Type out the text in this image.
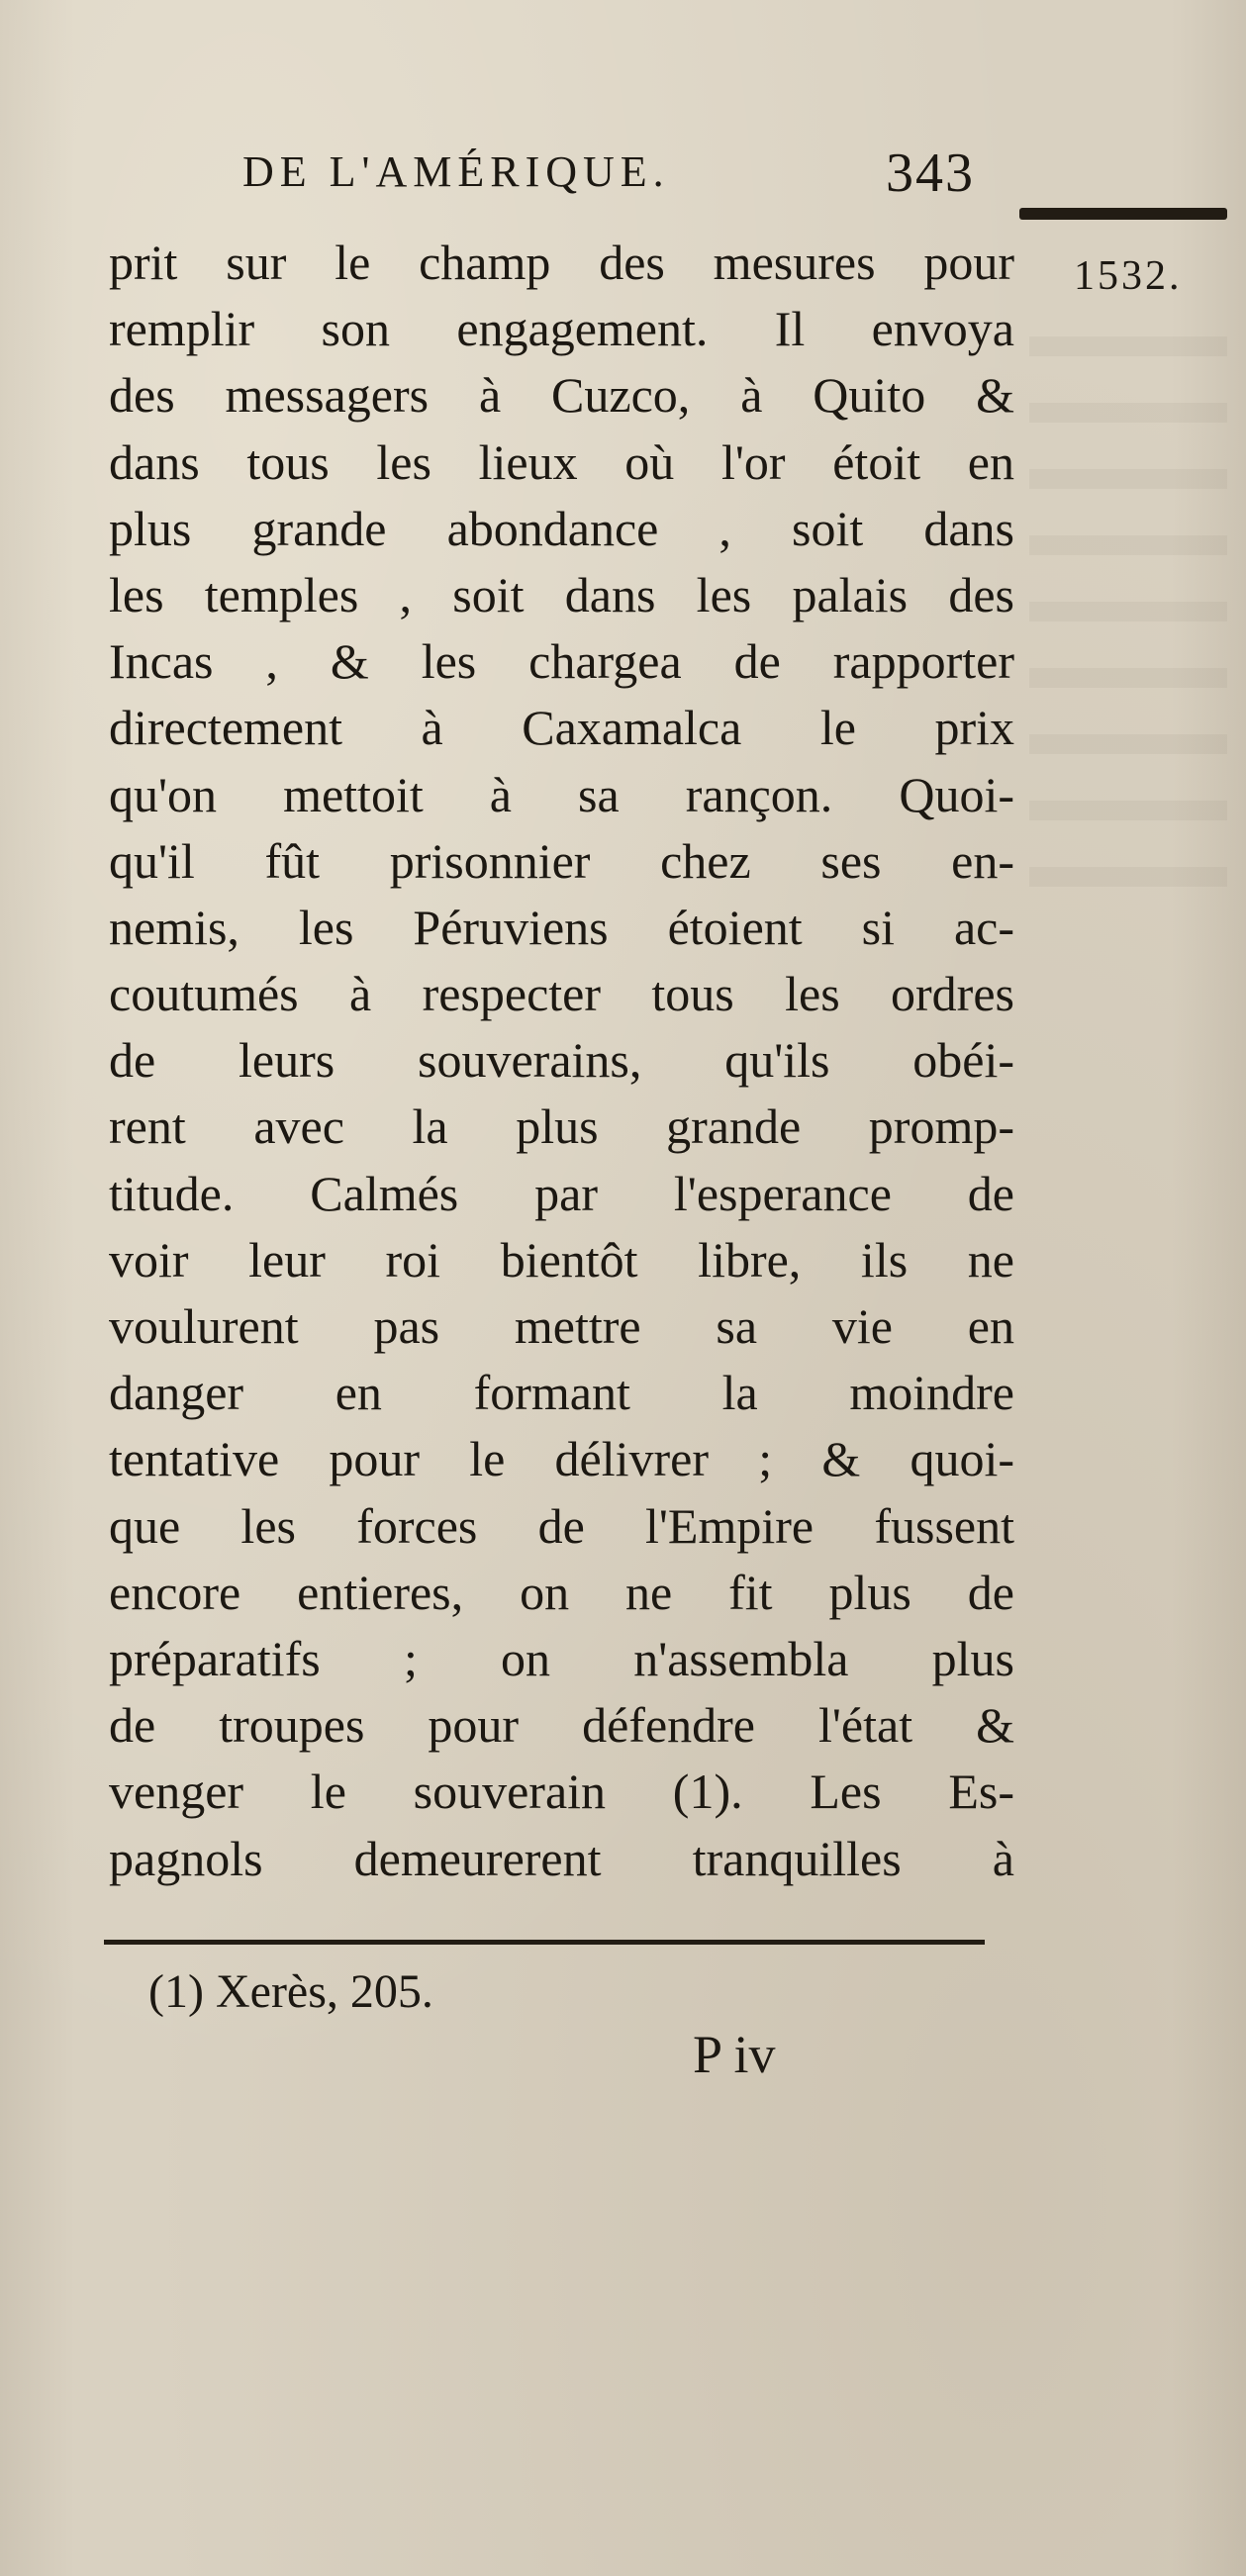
DE L'AMÉRIQUE.	343
1532.
prit sur le champ des mesures pour
remplir son engagement. Il envoya
des messagers à Cuzco, à Quito &
dans tous les lieux où l'or étoit en
plus grande abondance , soit dans
les temples , soit dans les palais des
Incas , & les chargea de rapporter
directement à Caxamalca le prix
qu'on mettoit à sa rançon. Quoi-
qu'il fût prisonnier chez ses en-
nemis, les Péruviens étoient si ac-
coutumés à respecter tous les ordres
de leurs souverains, qu'ils obéi-
rent avec la plus grande promp-
titude. Calmés par l'esperance de
voir leur roi bientôt libre, ils ne
voulurent pas mettre sa vie en
danger en formant la moindre
tentative pour le délivrer ; & quoi-
que les forces de l'Empire fussent
encore entieres, on ne fit plus de
préparatifs ; on n'assembla plus
de troupes pour défendre l'état &
venger le souverain (1). Les Es-
pagnols demeurerent tranquilles à
(1) Xerès, 205.
P iv
